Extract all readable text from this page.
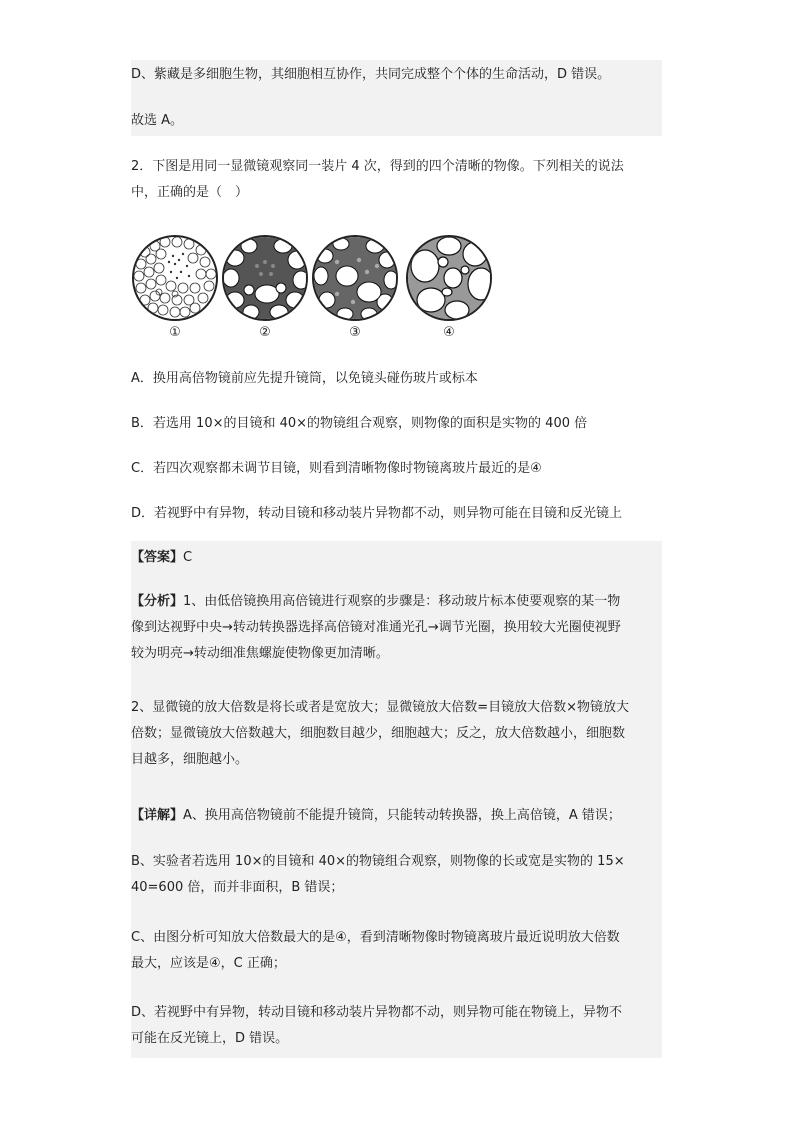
D、紫藏是多细胞生物，其细胞相互协作，共同完成整个个体的生命活动，D 错误。

故选 A。

2．下图是用同一显微镜观察同一装片 4 次，得到的四个清晰的物像。下列相关的说法

中，正确的是（　）

①	②	③	④

A．换用高倍物镜前应先提升镜筒，以免镜头碰伤玻片或标本

B．若选用 10×的目镜和 40×的物镜组合观察，则物像的面积是实物的 400 倍

C．若四次观察都未调节目镜，则看到清晰物像时物镜离玻片最近的是④

D．若视野中有异物，转动目镜和移动装片异物都不动，则异物可能在目镜和反光镜上

【答案】C

【分析】1、由低倍镜换用高倍镜进行观察的步骤是：移动玻片标本使要观察的某一物

像到达视野中央→转动转换器选择高倍镜对准通光孔→调节光圈，换用较大光圈使视野

较为明亮→转动细准焦螺旋使物像更加清晰。

2、显微镜的放大倍数是将长或者是宽放大；显微镜放大倍数=目镜放大倍数×物镜放大

倍数；显微镜放大倍数越大，细胞数目越少，细胞越大；反之，放大倍数越小，细胞数

目越多，细胞越小。

【详解】A、换用高倍物镜前不能提升镜筒，只能转动转换器，换上高倍镜，A 错误；

B、实验者若选用 10×的目镜和 40×的物镜组合观察，则物像的长或宽是实物的 15×

40=600 倍，而并非面积，B 错误；

C、由图分析可知放大倍数最大的是④，看到清晰物像时物镜离玻片最近说明放大倍数

最大，应该是④，C 正确；

D、若视野中有异物，转动目镜和移动装片异物都不动，则异物可能在物镜上，异物不

可能在反光镜上，D 错误。
